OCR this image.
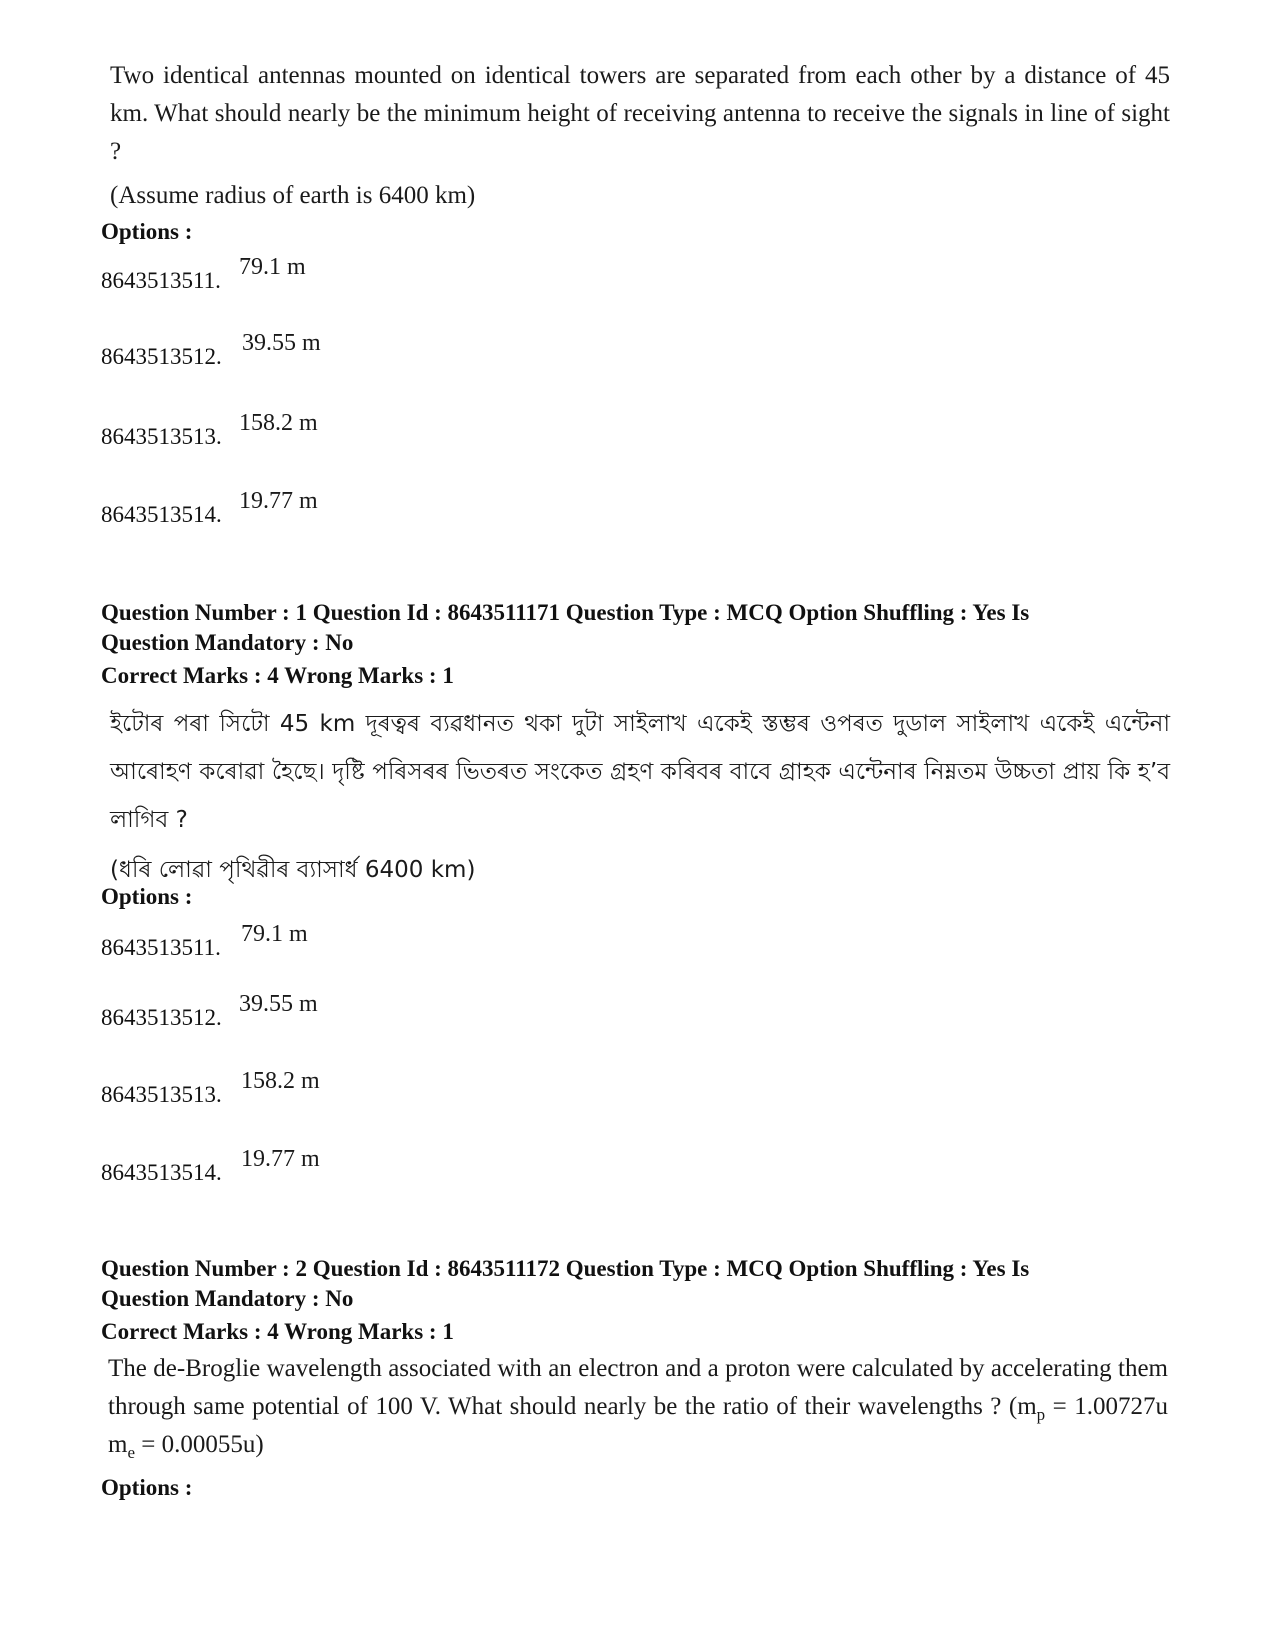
Two identical antennas mounted on identical towers are separated from each other by a distance of 45 km. What should nearly be the minimum height of receiving antenna to receive the signals in line of sight ?

(Assume radius of earth is 6400 km)

Options :
8643513511.
79.1 m
8643513512.
39.55 m
8643513513.
158.2 m
8643513514.
19.77 m
Question Number : 1 Question Id : 8643511171 Question Type : MCQ Option Shuffling : Yes Is
Question Mandatory : No
Correct Marks : 4 Wrong Marks : 1

ইটোৰ পৰা সিটো 45 km দূৰত্বৰ ব্যৱধানত থকা দুটা সাইলাখ একেই স্তম্ভৰ ওপৰত দুডাল সাইলাখ একেই এন্টেনা আৰোহণ কৰোৱা হৈছে। দৃষ্টি পৰিসৰৰ ভিতৰত সংকেত গ্ৰহণ কৰিবৰ বাবে গ্ৰাহক এন্টেনাৰ নিম্নতম উচ্চতা প্ৰায় কি হ’ব লাগিব ?

(ধৰি লোৱা পৃথিৱীৰ ব্যাসাৰ্ধ 6400 km)

Options :
8643513511.
79.1 m
8643513512.
39.55 m
8643513513.
158.2 m
8643513514.
19.77 m
Question Number : 2 Question Id : 8643511172 Question Type : MCQ Option Shuffling : Yes Is
Question Mandatory : No
Correct Marks : 4 Wrong Marks : 1

The de-Broglie wavelength associated with an electron and a proton were calculated by accelerating them through same potential of 100 V. What should nearly be the ratio of their wavelengths ? ($m_p = 1.00727u$ $m_e = 0.00055u$)

Options :
